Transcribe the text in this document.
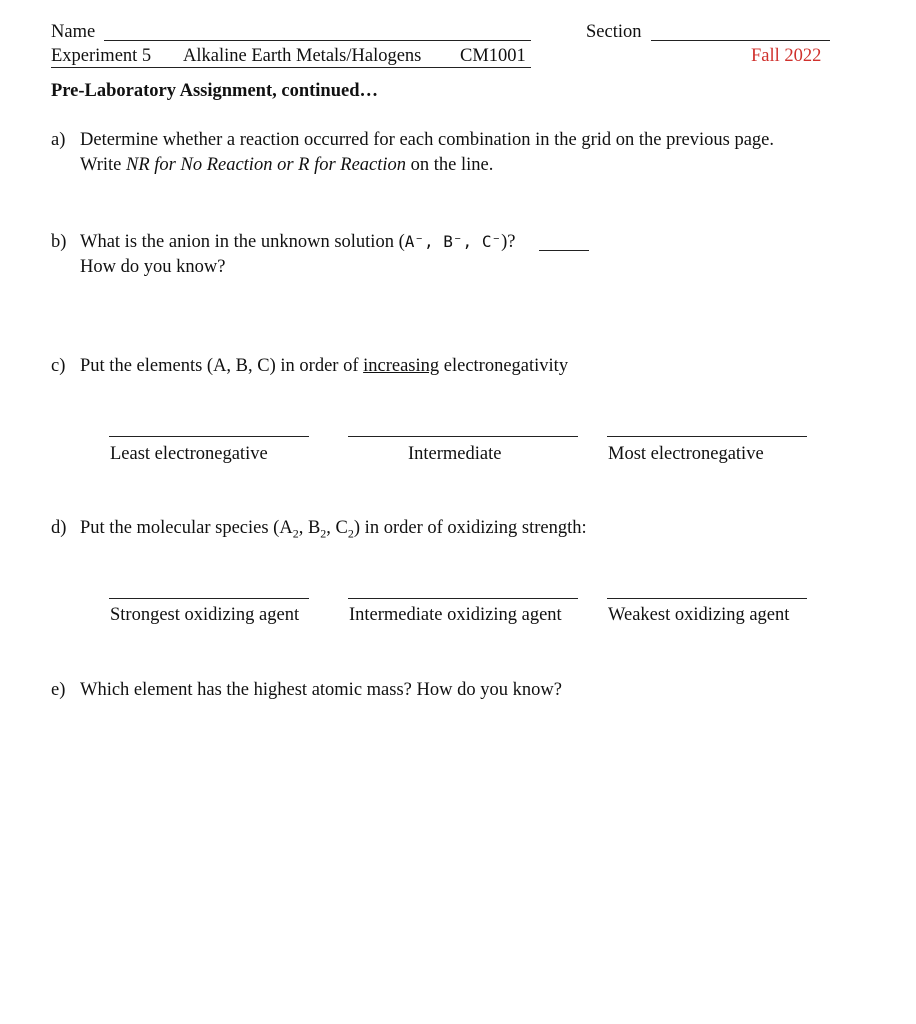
Name	Section
Experiment 5 Alkaline Earth Metals/Halogens CM1001	Fall 2022
Pre-Laboratory Assignment, continued…
a) Determine whether a reaction occurred for each combination in the grid on the previous page.
Write NR for No Reaction or R for Reaction on the line.
b) What is the anion in the unknown solution (A⁻, B⁻, C⁻)?
How do you know?
c) Put the elements (A, B, C) in order of increasing electronegativity
Least electronegative	Intermediate	Most electronegative
d) Put the molecular species ($A_2$, $B_2$, $C_2$) in order of oxidizing strength:
Strongest oxidizing agent	Intermediate oxidizing agent	Weakest oxidizing agent
e) Which element has the highest atomic mass? How do you know?
